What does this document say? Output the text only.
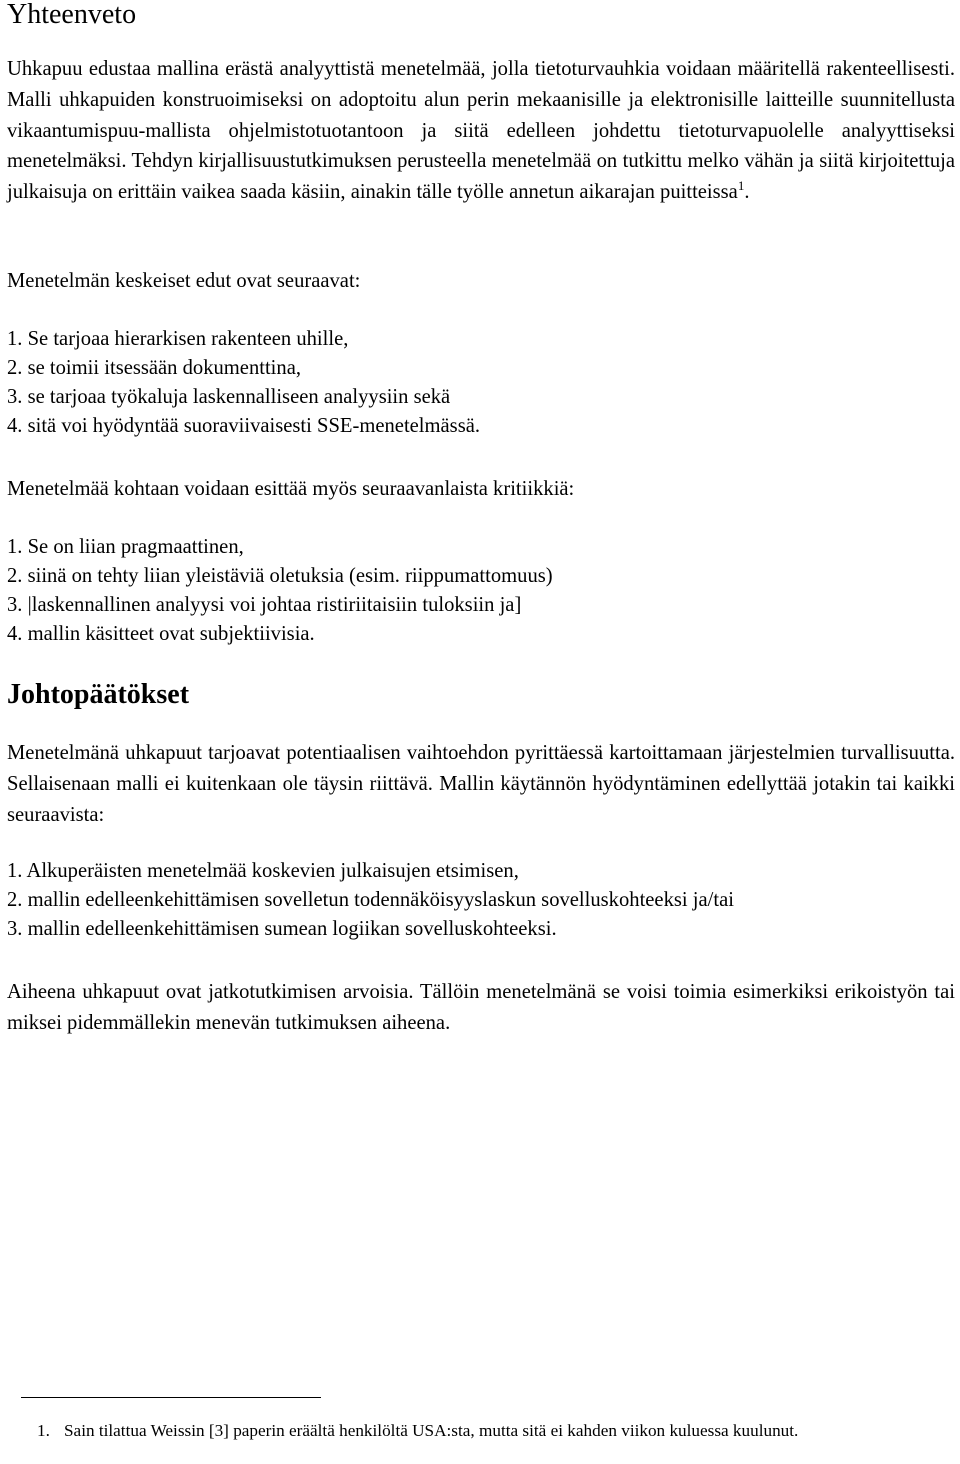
Yhteenveto

Uhkapuu edustaa mallina erästä analyyttistä menetelmää, jolla tietoturvauhkia voidaan määritellä rakenteellisesti. Malli uhkapuiden konstruoimiseksi on adoptoitu alun perin mekaanisille ja elektronisille laitteille suunnitellusta vikaantumispuu-mallista ohjelmistotuotantoon ja siitä edelleen johdettu tietoturvapuolelle analyyttiseksi menetelmäksi. Tehdyn kirjallisuustutkimuksen perusteella menetelmää on tutkittu melko vähän ja siitä kirjoitettuja julkaisuja on erittäin vaikea saada käsiin, ainakin tälle työlle annetun aikarajan puitteissa$^1$.

Menetelmän keskeiset edut ovat seuraavat:

1. Se tarjoaa hierarkisen rakenteen uhille,
2. se toimii itsessään dokumenttina,
3. se tarjoaa työkaluja laskennalliseen analyysiin sekä
4. sitä voi hyödyntää suoraviivaisesti SSE-menetelmässä.

Menetelmää kohtaan voidaan esittää myös seuraavanlaista kritiikkiä:

1. Se on liian pragmaattinen,
2. siinä on tehty liian yleistäviä oletuksia (esim. riippumattomuus)
3. |laskennallinen analyysi voi johtaa ristiriitaisiin tuloksiin ja]
4. mallin käsitteet ovat subjektiivisia.
Johtopäätökset

Menetelmänä uhkapuut tarjoavat potentiaalisen vaihtoehdon pyrittäessä kartoittamaan järjestelmien turvallisuutta. Sellaisenaan malli ei kuitenkaan ole täysin riittävä. Mallin käytännön hyödyntäminen edellyttää jotakin tai kaikki seuraavista:

1. Alkuperäisten menetelmää koskevien julkaisujen etsimisen,
2. mallin edelleenkehittämisen sovelletun todennäköisyyslaskun sovelluskohteeksi ja/tai
3. mallin edelleenkehittämisen sumean logiikan sovelluskohteeksi.

Aiheena uhkapuut ovat jatkotutkimisen arvoisia. Tällöin menetelmänä se voisi toimia esimerkiksi erikoistyön tai miksei pidemmällekin menevän tutkimuksen aiheena.

1. Sain tilattua Weissin [3] paperin eräältä henkilöltä USA:sta, mutta sitä ei kahden viikon kuluessa kuulunut.
